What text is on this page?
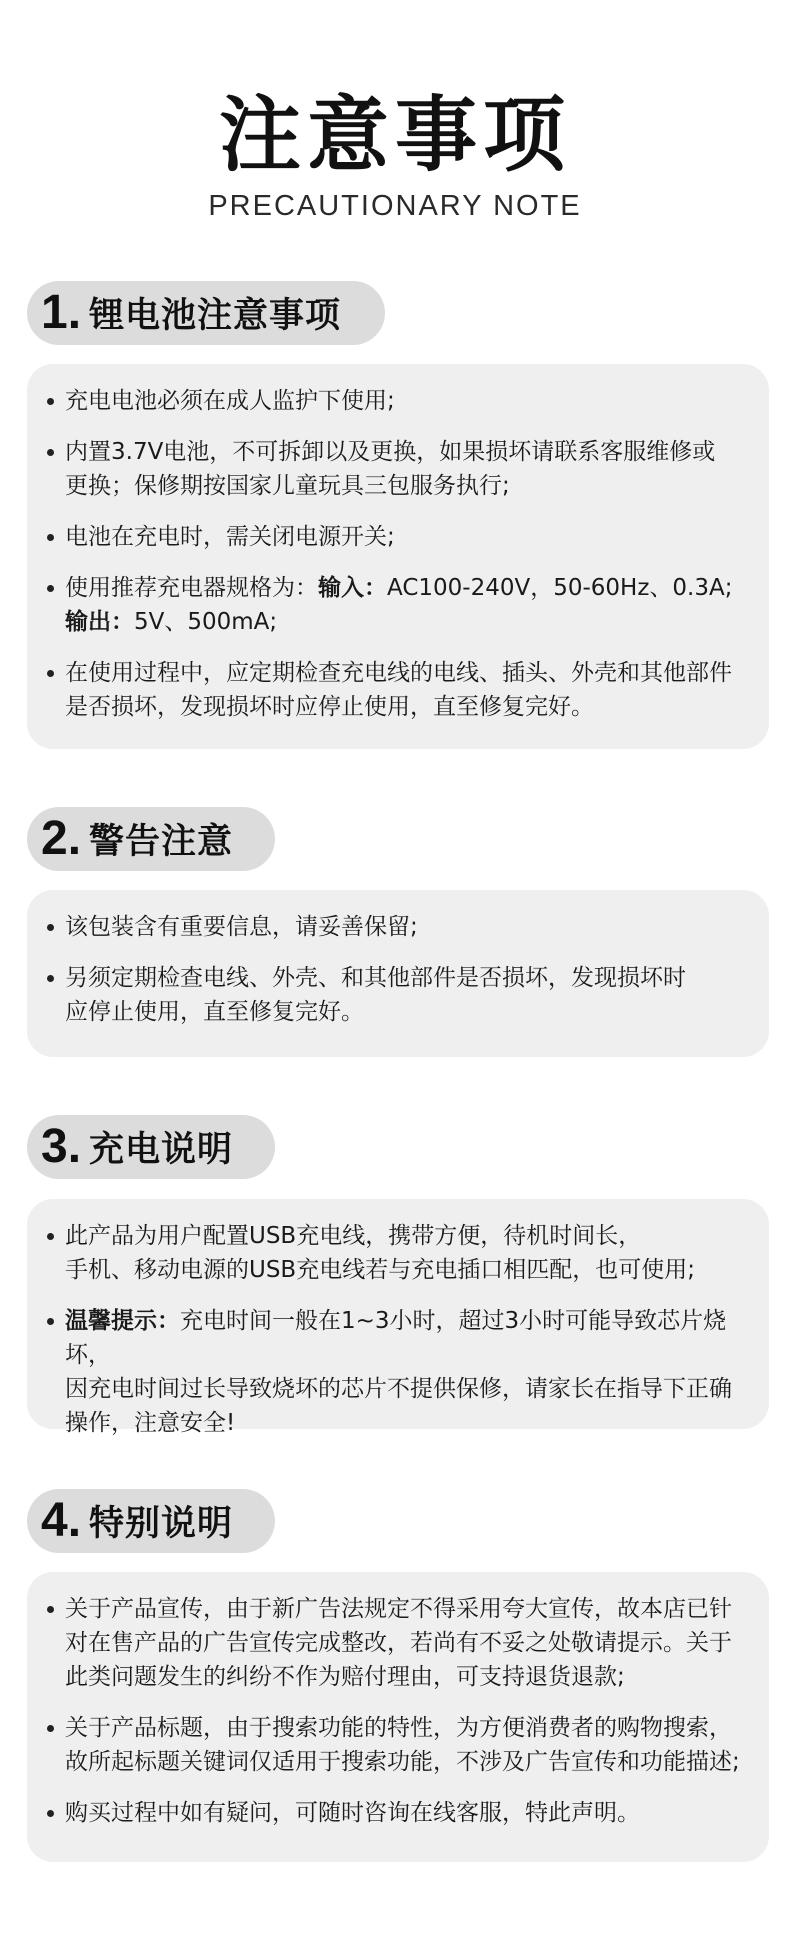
注意事项
PRECAUTIONARY NOTE
1 . 锂电池注意事项
充电电池必须在成人监护下使用;
内置3.7V电池，不可拆卸以及更换，如果损坏请联系客服维修或
更换；保修期按国家儿童玩具三包服务执行;
电池在充电时，需关闭电源开关;
使用推荐充电器规格为：输入：AC100-240V，50-60Hz、0.3A;
输出：5V、500mA;
在使用过程中，应定期检查充电线的电线、插头、外壳和其他部件
是否损坏，发现损坏时应停止使用，直至修复完好。
2 . 警告注意
该包装含有重要信息，请妥善保留;
另须定期检查电线、外壳、和其他部件是否损坏，发现损坏时
应停止使用，直至修复完好。
3 . 充电说明
此产品为用户配置USB充电线，携带方便，待机时间长，
手机、移动电源的USB充电线若与充电插口相匹配，也可使用;
温馨提示：充电时间一般在1~3小时，超过3小时可能导致芯片烧坏，
因充电时间过长导致烧坏的芯片不提供保修，请家长在指导下正确
操作，注意安全!
4 . 特别说明
关于产品宣传，由于新广告法规定不得采用夸大宣传，故本店已针
对在售产品的广告宣传完成整改，若尚有不妥之处敬请提示。关于
此类问题发生的纠纷不作为赔付理由，可支持退货退款;
关于产品标题，由于搜索功能的特性，为方便消费者的购物搜索，
故所起标题关键词仅适用于搜索功能，不涉及广告宣传和功能描述;
购买过程中如有疑问，可随时咨询在线客服，特此声明。
